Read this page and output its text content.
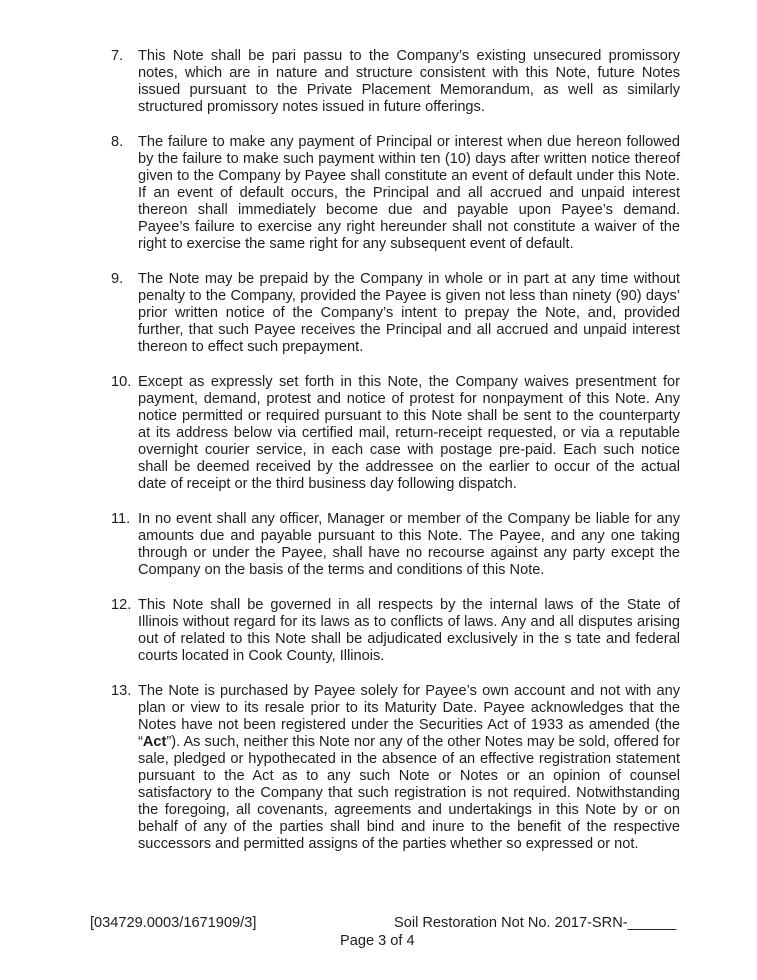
7.	This Note shall be pari passu to the Company’s existing unsecured promissory notes, which are in nature and structure consistent with this Note, future Notes issued pursuant to the Private Placement Memorandum, as well as similarly structured promissory notes issued in future offerings.
8.	The failure to make any payment of Principal or interest when due hereon followed by the failure to make such payment within ten (10) days after written notice thereof given to the Company by Payee shall constitute an event of default under this Note. If an event of default occurs, the Principal and all accrued and unpaid interest thereon shall immediately become due and payable upon Payee’s demand. Payee’s failure to exercise any right hereunder shall not constitute a waiver of the right to exercise the same right for any subsequent event of default.
9.	The Note may be prepaid by the Company in whole or in part at any time without penalty to the Company, provided the Payee is given not less than ninety (90) days’ prior written notice of the Company’s intent to prepay the Note, and, provided further, that such Payee receives the Principal and all accrued and unpaid interest thereon to effect such prepayment.
10. Except as expressly set forth in this Note, the Company waives presentment for payment, demand, protest and notice of protest for nonpayment of this Note. Any notice permitted or required pursuant to this Note shall be sent to the counterparty at its address below via certified mail, return-receipt requested, or via a reputable overnight courier service, in each case with postage pre-paid. Each such notice shall be deemed received by the addressee on the earlier to occur of the actual date of receipt or the third business day following dispatch.
11. In no event shall any officer, Manager or member of the Company be liable for any amounts due and payable pursuant to this Note. The Payee, and any one taking through or under the Payee, shall have no recourse against any party except the Company on the basis of the terms and conditions of this Note.
12. This Note shall be governed in all respects by the internal laws of the State of Illinois without regard for its laws as to conflicts of laws. Any and all disputes arising out of related to this Note shall be adjudicated exclusively in the s tate and federal courts located in Cook County, Illinois.
13. The Note is purchased by Payee solely for Payee’s own account and not with any plan or view to its resale prior to its Maturity Date. Payee acknowledges that the Notes have not been registered under the Securities Act of 1933 as amended (the “Act”). As such, neither this Note nor any of the other Notes may be sold, offered for sale, pledged or hypothecated in the absence of an effective registration statement pursuant to the Act as to any such Note or Notes or an opinion of counsel satisfactory to the Company that such registration is not required. Notwithstanding the foregoing, all covenants, agreements and undertakings in this Note by or on behalf of any of the parties shall bind and inure to the benefit of the respective successors and permitted assigns of the parties whether so expressed or not.
[034729.0003/1671909/3]	Soil Restoration Not No. 2017-SRN-______
Page 3 of 4
